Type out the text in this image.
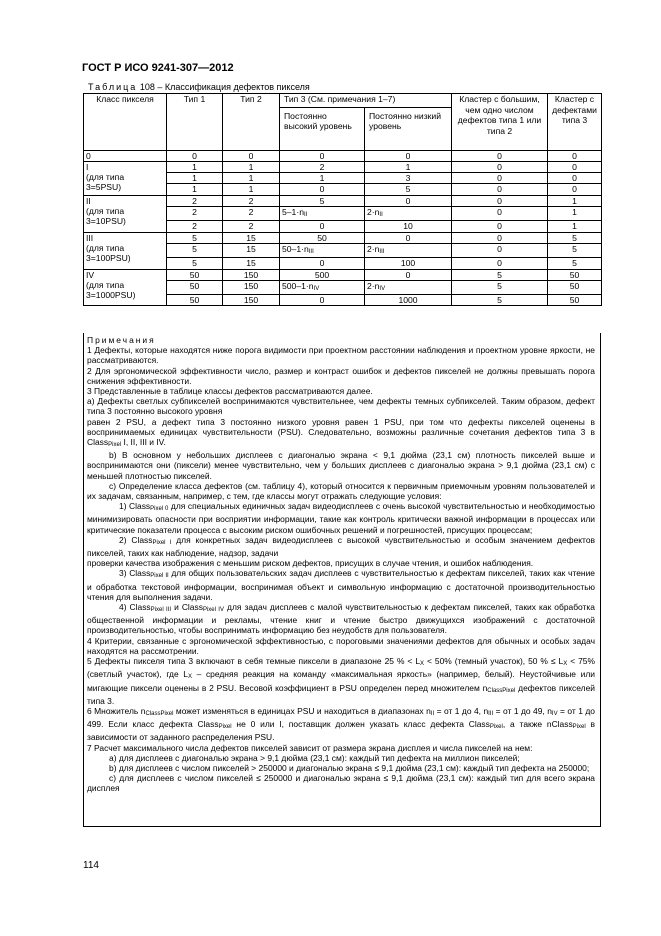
ГОСТ Р ИСО 9241-307—2012
Таблица 108 – Классификация дефектов пикселя
Класс пикселя	Тип 1	Тип 2	Тип 3 (См. примечания 1–7)		Кластер с большим, чем одно числом дефектов типа 1 или типа 2	Кластер с дефектами типа 3
			Постоянно высокий уровень	Постоянно низкий уровень		
0	0	0	0	0	0	0

I
(для типа
3=5PSU)	1	1	2	1	0	0
	1	1	1	3	0	0
	1	1	0	5	0	0

II
(для типа
3=10PSU)	2	2	5	0	0	1
	2	2	$5-1\cdot n_{II}$	$2\cdot n_{II}$	0	1
	2	2	0	10	0	1

III
(для типа
3=100PSU)	5	15	50	0	0	5
	5	15	$50-1\cdot n_{III}$	$2\cdot n_{III}$	0	5
	5	15	0	100	0	5

IV
(для типа
3=1000PSU)	50	150	500	0	5	50
	50	150	$500-1\cdot n_{IV}$	$2\cdot n_{IV}$	5	50
	50	150	0	1000	5	50

Примечания

1 Дефекты, которые находятся ниже порога видимости при проектном расстоянии наблюдения и проектном уровне яркости, не рассматриваются.

2 Для эргономической эффективности число, размер и контраст ошибок и дефектов пикселей не должны превышать порога снижения эффективности.

3 Представленные в таблице классы дефектов рассматриваются далее.

а) Дефекты светлых субпикселей воспринимаются чувствительнее, чем дефекты темных субпикселей. Таким образом, дефект типа 3 постоянно высокого уровня

равен 2 PSU, а дефект типа 3 постоянно низкого уровня равен 1 PSU, при том что дефекты пикселей оценены в воспринимаемых единицах чувствительности (PSU). Следовательно, возможны различные сочетания дефектов типа 3 в Class$_{Pixel}$ I, II, III и IV.

b) В основном у небольших дисплеев с диагональю экрана < 9,1 дюйма (23,1 см) плотность пикселей выше и воспринимаются они (пиксели) менее чувствительно, чем у больших дисплеев с диагональю экрана > 9,1 дюйма (23,1 см) с меньшей плотностью пикселей.

с) Определение класса дефектов (см. таблицу 4), который относится к первичным приемочным уровням пользователей и их задачам, связанным, например, с тем, где классы могут отражать следующие условия:

1) Class$_{Pixel 0}$ для специальных единичных задач видеодисплеев с очень высокой чувствительностью и необходимостью минимизировать опасности при восприятии информации, такие как контроль критически важной информации в процессах или критические показатели процесса с высоким риском ошибочных решений и погрешностей, присущих процессам;

2) Class$_{Pixel I}$ для конкретных задач видеодисплеев с высокой чувствительностью и особым значением дефектов пикселей, таких как наблюдение, надзор, задачи

проверки качества изображения с меньшим риском дефектов, присущих в случае чтения, и ошибок наблюдения.

3) Class$_{Pixel II}$ для общих пользовательских задач дисплеев с чувствительностью к дефектам пикселей, таких как чтение и обработка текстовой информации, воспринимая объект и символьную информацию с достаточной производительностью чтения для выполнения задачи.

4) Class$_{Pixel III}$ и Class$_{Pixel IV}$ для задач дисплеев с малой чувствительностью к дефектам пикселей, таких как обработка общественной информации и рекламы, чтение книг и чтение быстро движущихся изображений с достаточной производительностью, чтобы воспринимать информацию без неудобств для пользователя.

4 Критерии, связанные с эргономической эффективностью, с пороговыми значениями дефектов для обычных и особых задач находятся на рассмотрении.

5 Дефекты пикселя типа 3 включают в себя темные пиксели в диапазоне 25 % < $L_X < 50\%$ (темный участок), 50 % ≤ $L_X < 75\%$ (светлый участок), где $L_X$ – средняя реакция на команду «максимальная яркость» (например, белый). Неустойчивые или мигающие пиксели оценены в 2 PSU. Весовой коэффициент в PSU определен перед множителем $n_{ClassPixel}$ дефектов пикселей типа 3.

6 Множитель $n_{ClassPixel}$ может изменяться в единицах PSU и находиться в диапазонах $n_{II}$ = от 1 до 4, $n_{III}$ = от 1 до 49, $n_{IV}$ = от 1 до 499. Если класс дефекта Class$_{Pixel}$ не 0 или I, поставщик должен указать класс дефекта Class$_{Pixel}$, а также nClass$_{Pixel}$ в зависимости от заданного распределения PSU.

7 Расчет максимального числа дефектов пикселей зависит от размера экрана дисплея и числа пикселей на нем:

а) для дисплеев с диагональю экрана > 9,1 дюйма (23,1 см): каждый тип дефекта на миллион пикселей;

b) для дисплеев с числом пикселей > 250000 и диагональю экрана ≤ 9,1 дюйма (23,1 см): каждый тип дефекта на 250000;

c) для дисплеев с числом пикселей ≤ 250000 и диагональю экрана ≤ 9,1 дюйма (23,1 см): каждый тип для всего экрана дисплея

114
